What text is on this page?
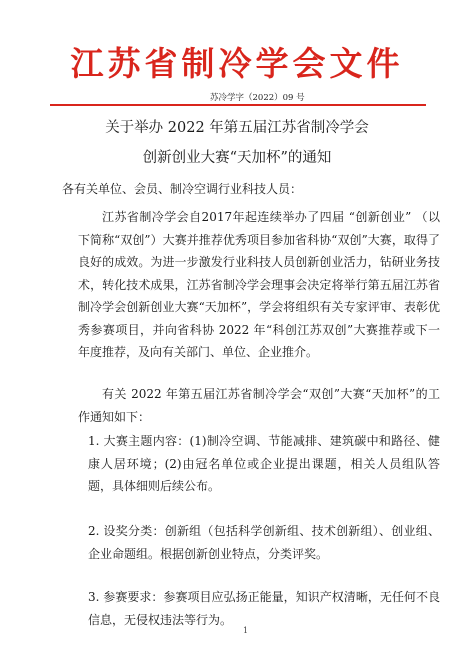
江苏省制冷学会文件
苏冷学字（2022）09 号
关于举办 2022 年第五届江苏省制冷学会
创新创业大赛“天加杯”的通知
各有关单位、会员、制冷空调行业科技人员：

江苏省制冷学会自2017年起连续举办了四届 “创新创业” （以下简称“双创”）大赛并推荐优秀项目参加省科协“双创”大赛，取得了良好的成效。为进一步激发行业科技人员创新创业活力，钻研业务技术，转化技术成果，江苏省制冷学会理事会决定将举行第五届江苏省制冷学会创新创业大赛“天加杯”，学会将组织有关专家评审、表彰优秀参赛项目，并向省科协 2022 年“科创江苏双创”大赛推荐或下一年度推荐，及向有关部门、单位、企业推介。

有关 2022 年第五届江苏省制冷学会“双创”大赛“天加杯”的工作通知如下：

1. 大赛主题内容：(1)制冷空调、节能减排、建筑碳中和路径、健康人居环境；(2)由冠名单位或企业提出课题，相关人员组队答题，具体细则后续公布。

2. 设奖分类：创新组（包括科学创新组、技术创新组）、创业组、企业命题组。根据创新创业特点，分类评奖。

3. 参赛要求：参赛项目应弘扬正能量，知识产权清晰，无任何不良信息，无侵权违法等行为。

1
